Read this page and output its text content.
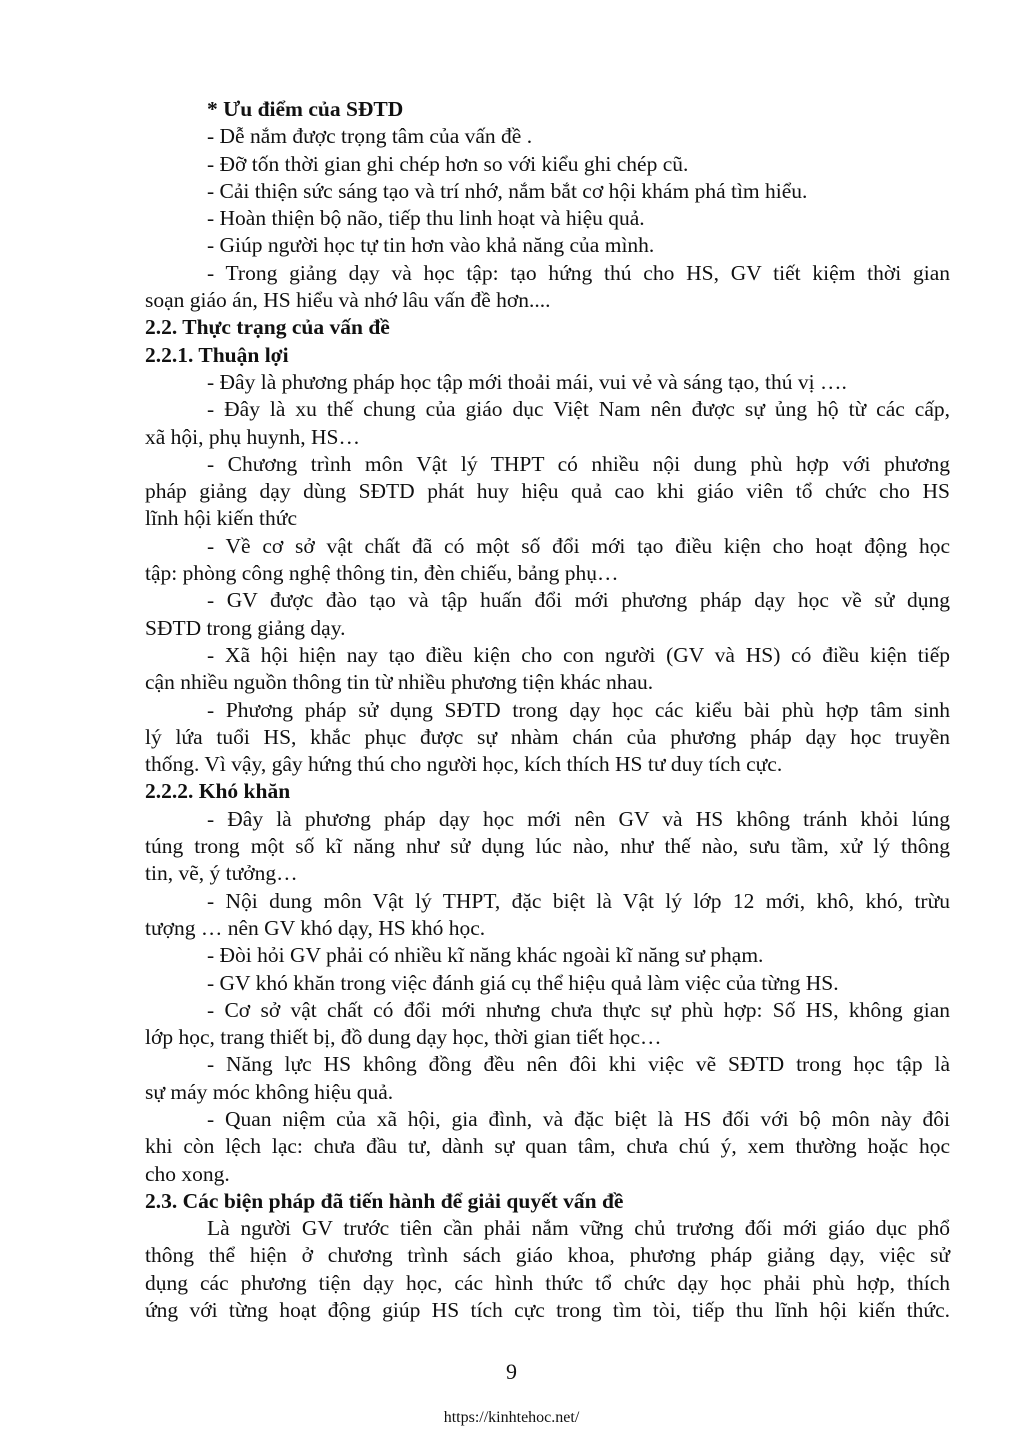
* Ưu điểm của SĐTD
- Dễ nắm được trọng tâm của vấn đề .
- Đỡ tốn thời gian ghi chép hơn so với kiểu ghi chép cũ.
- Cải thiện sức sáng tạo và trí nhớ, nắm bắt cơ hội khám phá tìm hiểu.
- Hoàn thiện bộ não, tiếp thu linh hoạt và hiệu quả.
- Giúp người học tự tin hơn vào khả năng của mình.
- Trong giảng dạy và học tập: tạo hứng thú cho HS, GV tiết kiệm thời gian
soạn giáo án, HS hiểu và nhớ lâu vấn đề hơn....
2.2. Thực trạng của vấn đề
2.2.1. Thuận lợi
- Đây là phương pháp học tập mới thoải mái, vui vẻ và sáng tạo, thú vị ….
- Đây là xu thế chung của giáo dục Việt Nam nên được sự ủng hộ từ các cấp,
xã hội, phụ huynh, HS…
- Chương trình môn Vật lý THPT có nhiều nội dung phù hợp với phương
pháp giảng dạy dùng SĐTD phát huy hiệu quả cao khi giáo viên tổ chức cho HS
lĩnh hội kiến thức
- Về cơ sở vật chất đã có một số đổi mới tạo điều kiện cho hoạt động học
tập: phòng công nghệ thông tin, đèn chiếu, bảng phụ…
- GV được đào tạo và tập huấn đổi mới phương pháp dạy học về sử dụng
SĐTD trong giảng dạy.
- Xã hội hiện nay tạo điều kiện cho con người (GV và HS) có điều kiện tiếp
cận nhiều nguồn thông tin từ nhiều phương tiện khác nhau.
- Phương pháp sử dụng SĐTD trong dạy học các kiểu bài phù hợp tâm sinh
lý lứa tuổi HS, khắc phục được sự nhàm chán của phương pháp dạy học truyền
thống. Vì vậy, gây hứng thú cho người học, kích thích HS tư duy tích cực.
2.2.2. Khó khăn
- Đây là phương pháp dạy học mới nên GV và HS không tránh khỏi lúng
túng trong một số kĩ năng như sử dụng lúc nào, như thế nào, sưu tầm, xử lý thông
tin, vẽ, ý tưởng…
- Nội dung môn Vật lý THPT, đặc biệt là Vật lý lớp 12 mới, khô, khó, trừu
tượng … nên GV khó dạy, HS khó học.
- Đòi hỏi GV phải có nhiều kĩ năng khác ngoài kĩ năng sư phạm.
- GV khó khăn trong việc đánh giá cụ thể hiệu quả làm việc của từng HS.
- Cơ sở vật chất có đổi mới nhưng chưa thực sự phù hợp: Số HS, không gian
lớp học, trang thiết bị, đồ dung dạy học, thời gian tiết học…
- Năng lực HS không đồng đều nên đôi khi việc vẽ SĐTD trong học tập là
sự máy móc không hiệu quả.
- Quan niệm của xã hội, gia đình, và đặc biệt là HS đối với bộ môn này đôi
khi còn lệch lạc: chưa đầu tư, dành sự quan tâm, chưa chú ý, xem thường hoặc học
cho xong.
2.3. Các biện pháp đã tiến hành để giải quyết vấn đề
Là người GV trước tiên cần phải nắm vững chủ trương đối mới giáo dục phổ
thông thể hiện ở chương trình sách giáo khoa, phương pháp giảng dạy, việc sử
dụng các phương tiện dạy học, các hình thức tổ chức dạy học phải phù hợp, thích
ứng với từng hoạt động giúp HS tích cực trong tìm tòi, tiếp thu lĩnh hội kiến thức.
9
https://kinhtehoc.net/
